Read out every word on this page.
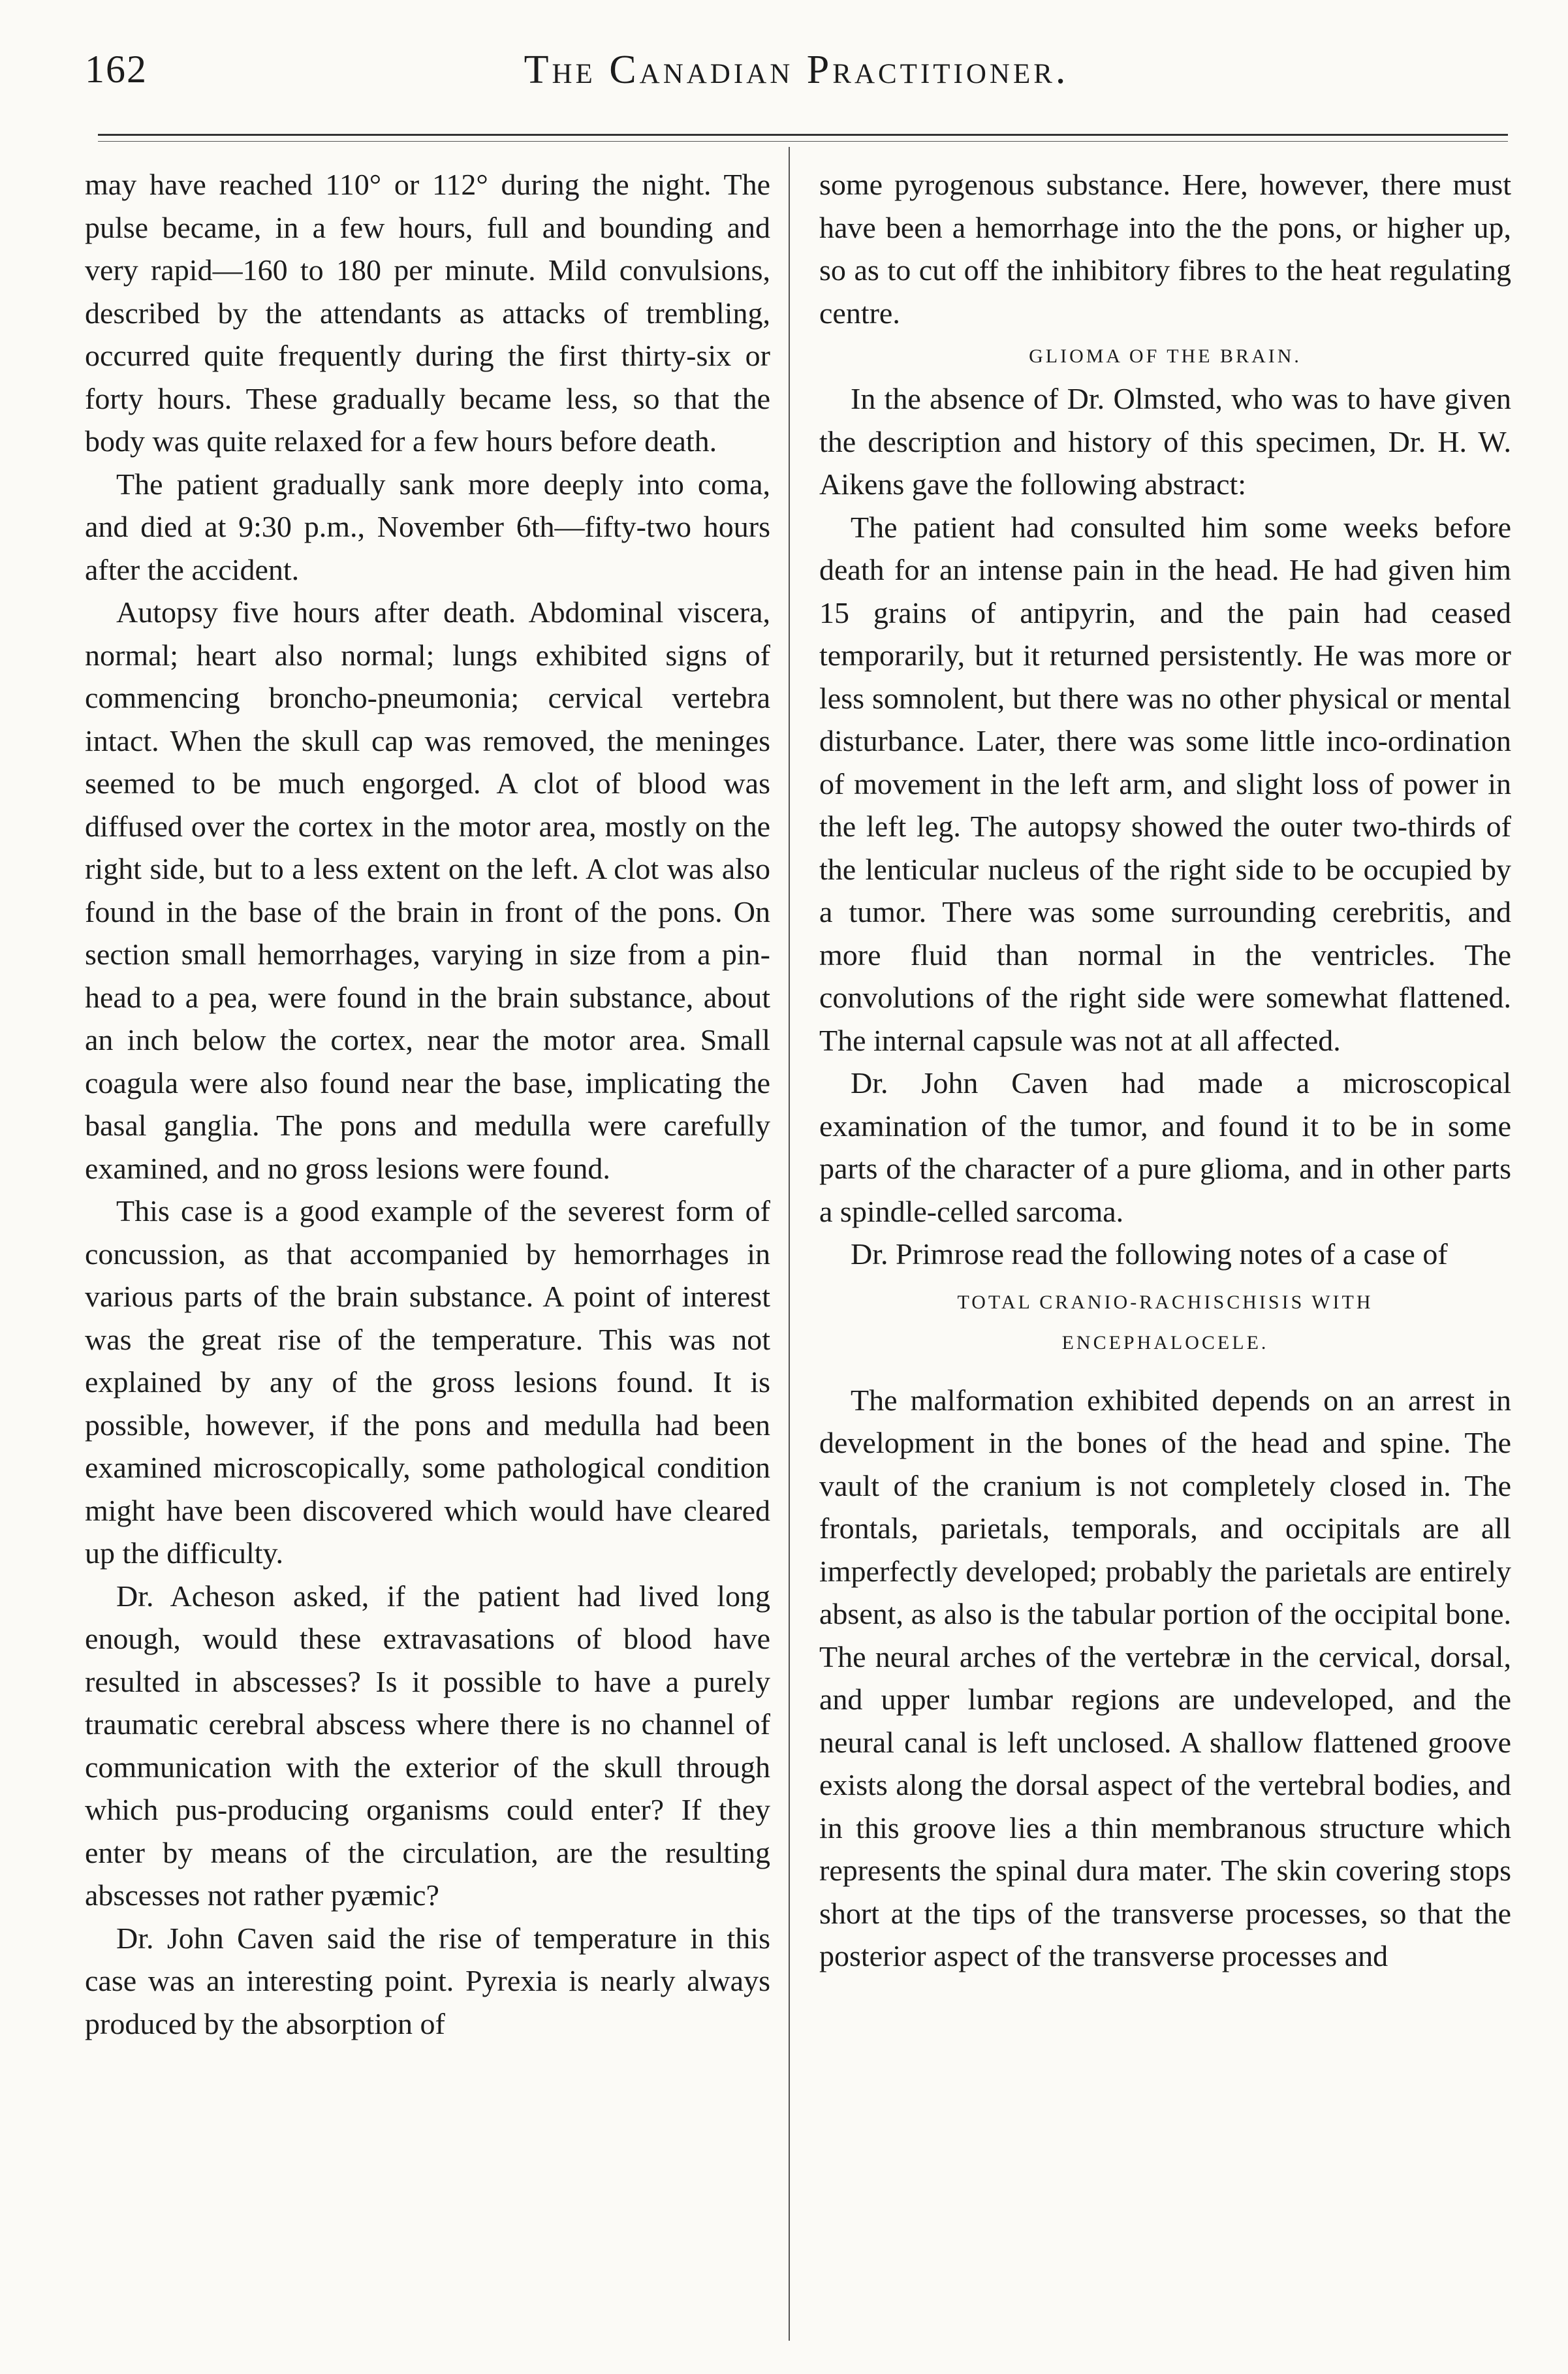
162	The Canadian Practitioner.

may have reached 110° or 112° during the night. The pulse became, in a few hours, full and bounding and very rapid—160 to 180 per minute. Mild convulsions, described by the attendants as attacks of trembling, occurred quite frequently during the first thirty-six or forty hours. These gradually became less, so that the body was quite relaxed for a few hours before death.

The patient gradually sank more deeply into coma, and died at 9:30 p.m., November 6th—fifty-two hours after the accident.

Autopsy five hours after death. Abdominal viscera, normal; heart also normal; lungs exhibited signs of commencing broncho-pneumonia; cervical vertebra intact. When the skull cap was removed, the meninges seemed to be much engorged. A clot of blood was diffused over the cortex in the motor area, mostly on the right side, but to a less extent on the left. A clot was also found in the base of the brain in front of the pons. On section small hemorrhages, varying in size from a pin-head to a pea, were found in the brain substance, about an inch below the cortex, near the motor area. Small coagula were also found near the base, implicating the basal ganglia. The pons and medulla were carefully examined, and no gross lesions were found.

This case is a good example of the severest form of concussion, as that accompanied by hemorrhages in various parts of the brain substance. A point of interest was the great rise of the temperature. This was not explained by any of the gross lesions found. It is possible, however, if the pons and medulla had been examined microscopically, some pathological condition might have been discovered which would have cleared up the difficulty.

Dr. Acheson asked, if the patient had lived long enough, would these extravasations of blood have resulted in abscesses? Is it possible to have a purely traumatic cerebral abscess where there is no channel of communication with the exterior of the skull through which pus-producing organisms could enter? If they enter by means of the circulation, are the resulting abscesses not rather pyæmic?

Dr. John Caven said the rise of temperature in this case was an interesting point. Pyrexia is nearly always produced by the absorption of

some pyrogenous substance. Here, however, there must have been a hemorrhage into the the pons, or higher up, so as to cut off the inhibitory fibres to the heat regulating centre.

GLIOMA OF THE BRAIN.

In the absence of Dr. Olmsted, who was to have given the description and history of this specimen, Dr. H. W. Aikens gave the following abstract:

The patient had consulted him some weeks before death for an intense pain in the head. He had given him 15 grains of antipyrin, and the pain had ceased temporarily, but it returned persistently. He was more or less somnolent, but there was no other physical or mental disturbance. Later, there was some little inco-ordination of movement in the left arm, and slight loss of power in the left leg. The autopsy showed the outer two-thirds of the lenticular nucleus of the right side to be occupied by a tumor. There was some surrounding cerebritis, and more fluid than normal in the ventricles. The convolutions of the right side were somewhat flattened. The internal capsule was not at all affected.

Dr. John Caven had made a microscopical examination of the tumor, and found it to be in some parts of the character of a pure glioma, and in other parts a spindle-celled sarcoma.

Dr. Primrose read the following notes of a case of

TOTAL CRANIO-RACHISCHISIS WITH
ENCEPHALOCELE.

The malformation exhibited depends on an arrest in development in the bones of the head and spine. The vault of the cranium is not completely closed in. The frontals, parietals, temporals, and occipitals are all imperfectly developed; probably the parietals are entirely absent, as also is the tabular portion of the occipital bone. The neural arches of the vertebræ in the cervical, dorsal, and upper lumbar regions are undeveloped, and the neural canal is left unclosed. A shallow flattened groove exists along the dorsal aspect of the vertebral bodies, and in this groove lies a thin membranous structure which represents the spinal dura mater. The skin covering stops short at the tips of the transverse processes, so that the posterior aspect of the transverse processes and
